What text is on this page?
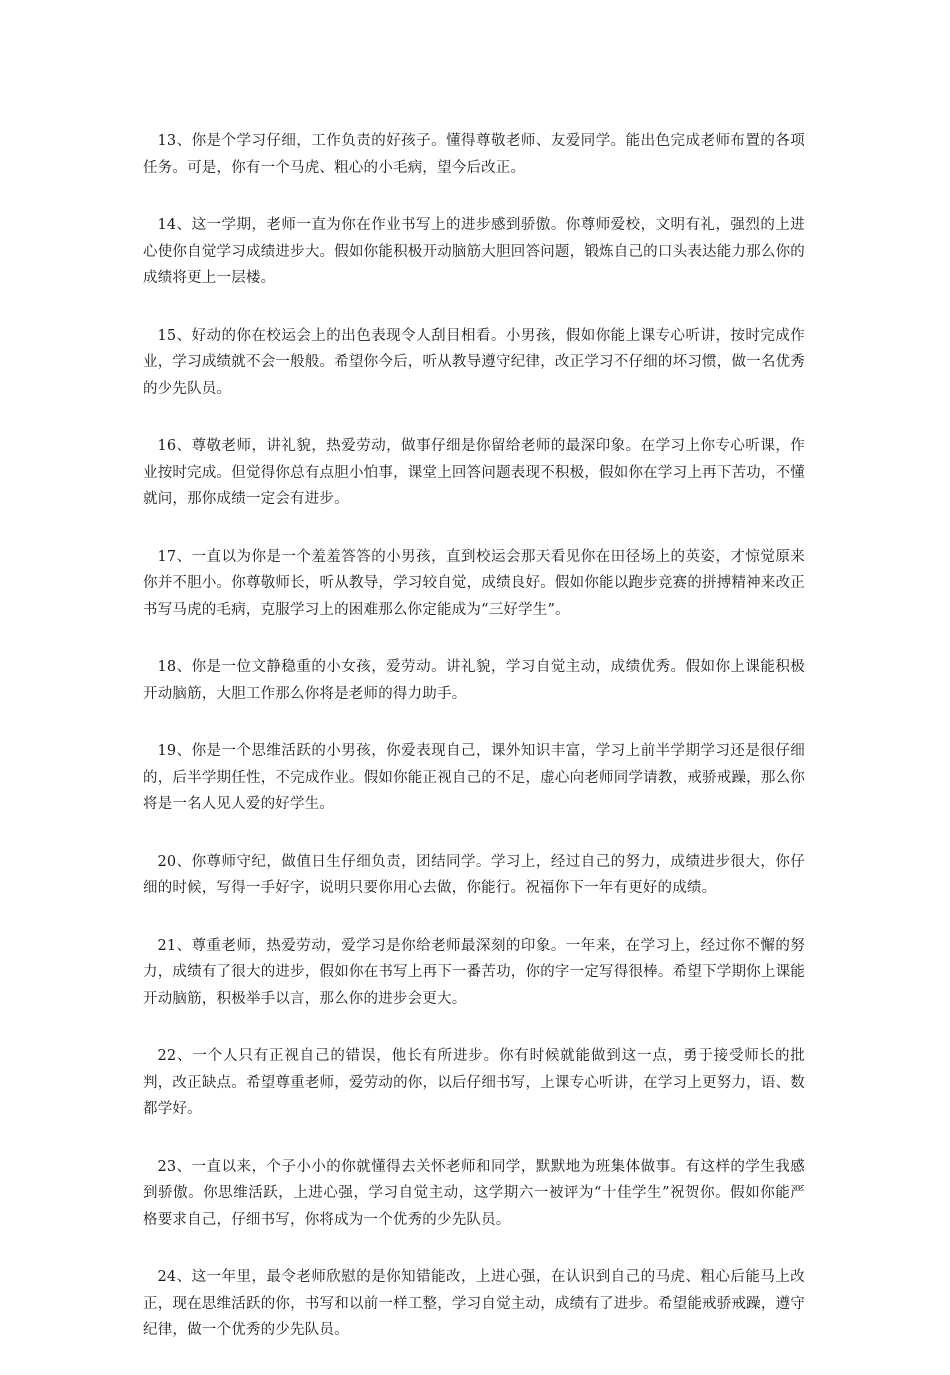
13、你是个学习仔细，工作负责的好孩子。懂得尊敬老师、友爱同学。能出色完成老师布置的各项任务。可是，你有一个马虎、粗心的小毛病，望今后改正。

14、这一学期，老师一直为你在作业书写上的进步感到骄傲。你尊师爱校，文明有礼，强烈的上进心使你自觉学习成绩进步大。假如你能积极开动脑筋大胆回答问题，锻炼自己的口头表达能力那么你的成绩将更上一层楼。

15、好动的你在校运会上的出色表现令人刮目相看。小男孩，假如你能上课专心听讲，按时完成作业，学习成绩就不会一般般。希望你今后，听从教导遵守纪律，改正学习不仔细的坏习惯，做一名优秀的少先队员。

16、尊敬老师，讲礼貌，热爱劳动，做事仔细是你留给老师的最深印象。在学习上你专心听课，作业按时完成。但觉得你总有点胆小怕事，课堂上回答问题表现不积极，假如你在学习上再下苦功，不懂就问，那你成绩一定会有进步。

17、一直以为你是一个羞羞答答的小男孩，直到校运会那天看见你在田径场上的英姿，才惊觉原来你并不胆小。你尊敬师长，听从教导，学习较自觉，成绩良好。假如你能以跑步竞赛的拼搏精神来改正书写马虎的毛病，克服学习上的困难那么你定能成为“三好学生”。

18、你是一位文静稳重的小女孩，爱劳动。讲礼貌，学习自觉主动，成绩优秀。假如你上课能积极开动脑筋，大胆工作那么你将是老师的得力助手。

19、你是一个思维活跃的小男孩，你爱表现自己，课外知识丰富，学习上前半学期学习还是很仔细的，后半学期任性，不完成作业。假如你能正视自己的不足，虚心向老师同学请教，戒骄戒躁，那么你将是一名人见人爱的好学生。

20、你尊师守纪，做值日生仔细负责，团结同学。学习上，经过自己的努力，成绩进步很大，你仔细的时候，写得一手好字，说明只要你用心去做，你能行。祝福你下一年有更好的成绩。

21、尊重老师，热爱劳动，爱学习是你给老师最深刻的印象。一年来，在学习上，经过你不懈的努力，成绩有了很大的进步，假如你在书写上再下一番苦功，你的字一定写得很棒。希望下学期你上课能开动脑筋，积极举手以言，那么你的进步会更大。

22、一个人只有正视自己的错误，他长有所进步。你有时候就能做到这一点，勇于接受师长的批判，改正缺点。希望尊重老师，爱劳动的你，以后仔细书写，上课专心听讲，在学习上更努力，语、数都学好。

23、一直以来，个子小小的你就懂得去关怀老师和同学，默默地为班集体做事。有这样的学生我感到骄傲。你思维活跃，上进心强，学习自觉主动，这学期六一被评为“十佳学生”祝贺你。假如你能严格要求自己，仔细书写，你将成为一个优秀的少先队员。

24、这一年里，最令老师欣慰的是你知错能改，上进心强，在认识到自己的马虎、粗心后能马上改正，现在思维活跃的你，书写和以前一样工整，学习自觉主动，成绩有了进步。希望能戒骄戒躁，遵守纪律，做一个优秀的少先队员。
